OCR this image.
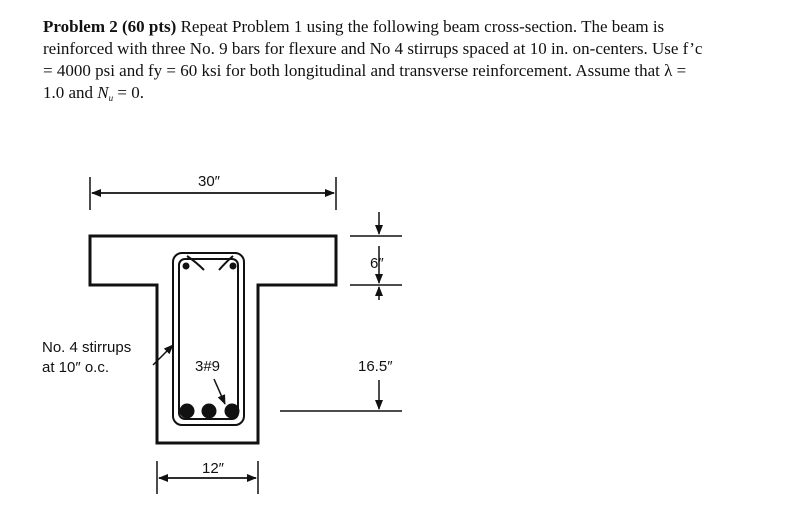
Problem 2 (60 pts) Repeat Problem 1 using the following beam cross-section. The beam is
reinforced with three No. 9 bars for flexure and No 4 stirrups spaced at 10 in. on-centers. Use f’c
= 4000 psi and fy = 60 ksi for both longitudinal and transverse reinforcement. Assume that λ =
1.0 and $N_u = 0$.

3#9
No. 4 stirrups
at 10″ o.c.
30″
12″
6″
16.5″
